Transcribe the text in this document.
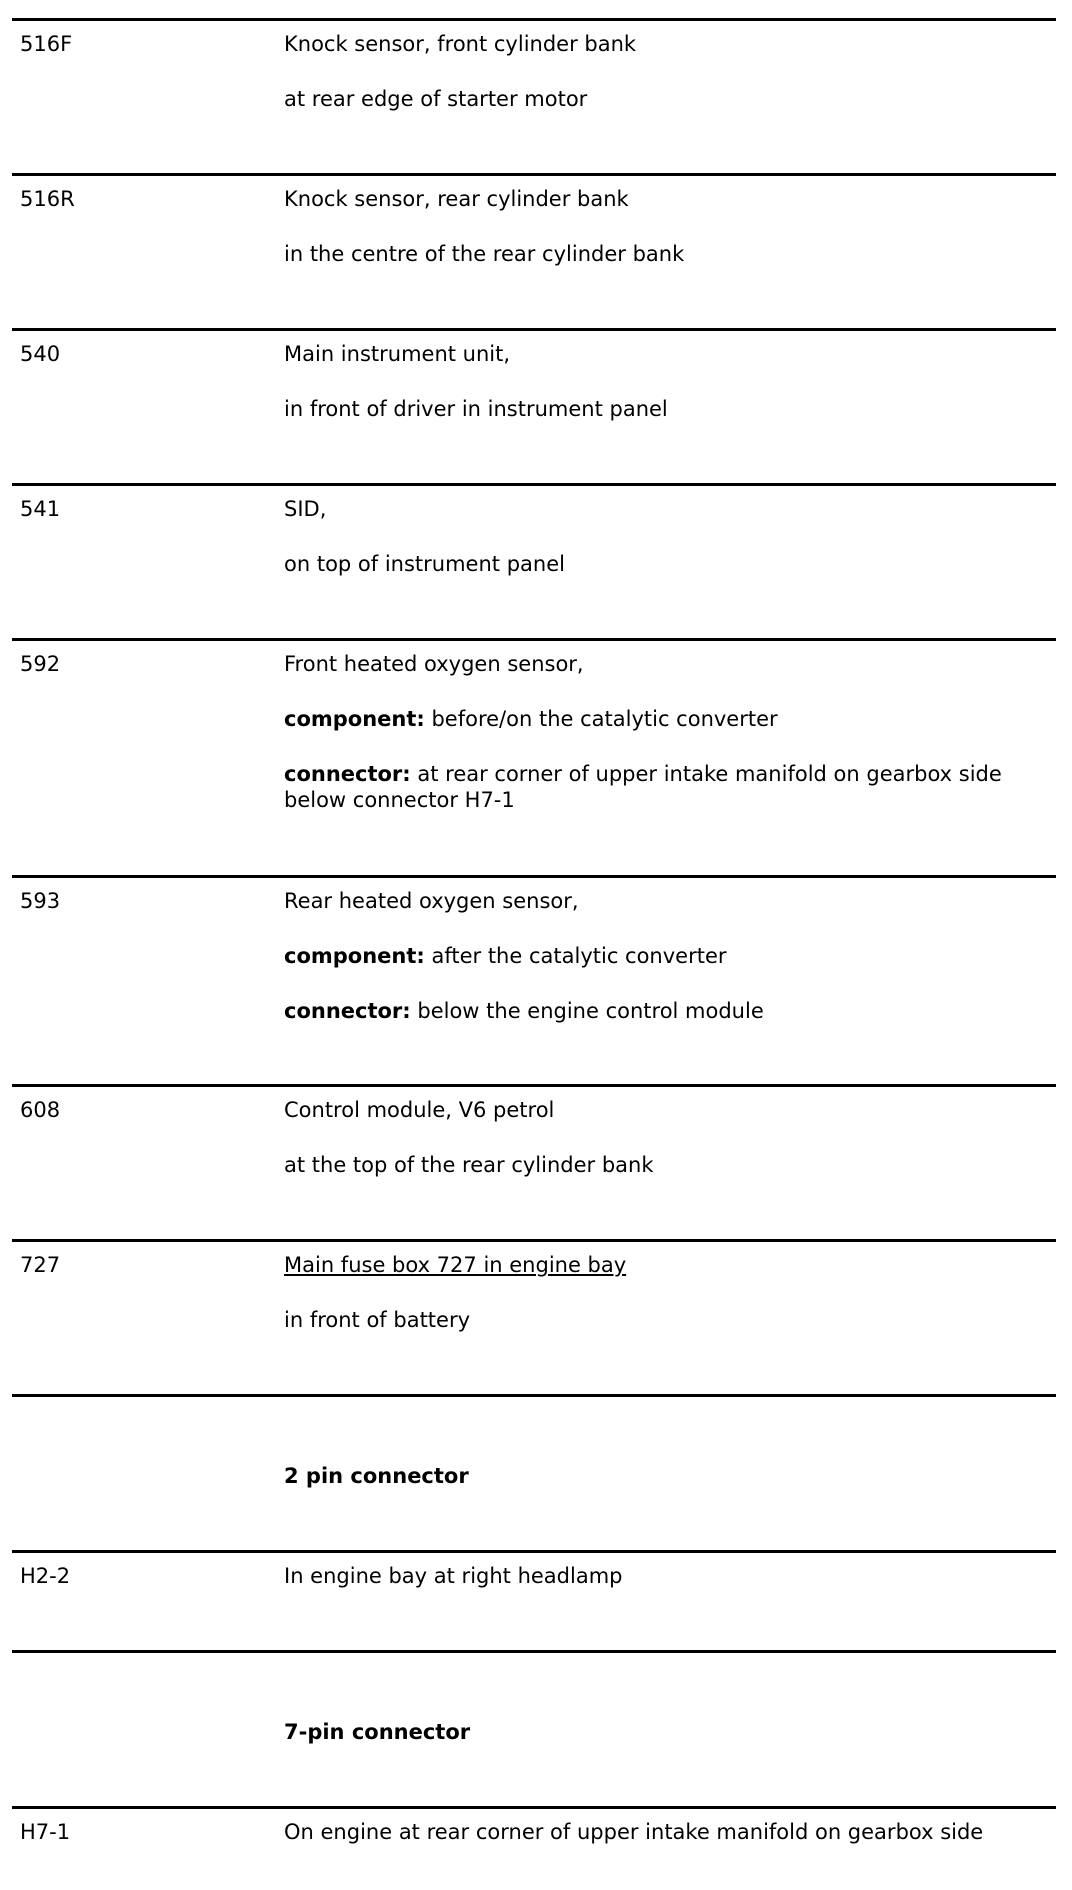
516F	Knock sensor, front cylinder bank
at rear edge of starter motor
516R	Knock sensor, rear cylinder bank
in the centre of the rear cylinder bank
540	Main instrument unit,
in front of driver in instrument panel
541	SID,
on top of instrument panel
592	Front heated oxygen sensor,
component: before/on the catalytic converter
connector: at rear corner of upper intake manifold on gearbox side below connector H7-1
593	Rear heated oxygen sensor,
component: after the catalytic converter
connector: below the engine control module
608	Control module, V6 petrol
at the top of the rear cylinder bank
727	Main fuse box 727 in engine bay
in front of battery
2 pin connector
H2-2	In engine bay at right headlamp
7-pin connector
H7-1	On engine at rear corner of upper intake manifold on gearbox side
